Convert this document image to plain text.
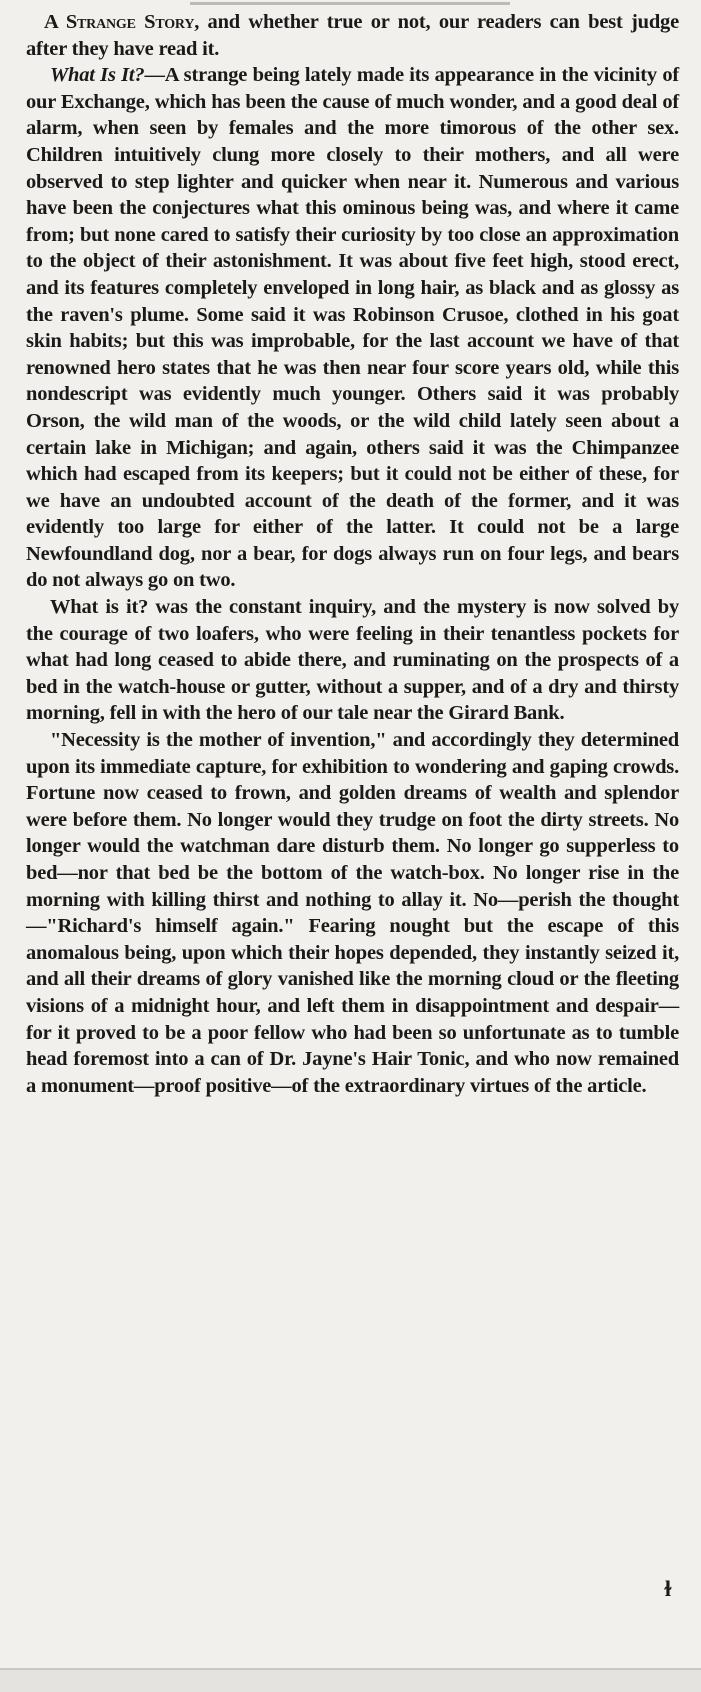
A Strange Story, and whether true or not, our readers can best judge after they have read it.

What Is It?—A strange being lately made its appearance in the vicinity of our Exchange, which has been the cause of much wonder, and a good deal of alarm, when seen by females and the more timorous of the other sex. Children intuitively clung more closely to their mothers, and all were observed to step lighter and quicker when near it. Numerous and various have been the conjectures what this ominous being was, and where it came from; but none cared to satisfy their curiosity by too close an approximation to the object of their astonishment. It was about five feet high, stood erect, and its features completely enveloped in long hair, as black and as glossy as the raven's plume. Some said it was Robinson Crusoe, clothed in his goat skin habits; but this was improbable, for the last account we have of that renowned hero states that he was then near four score years old, while this nondescript was evidently much younger. Others said it was probably Orson, the wild man of the woods, or the wild child lately seen about a certain lake in Michigan; and again, others said it was the Chimpanzee which had escaped from its keepers; but it could not be either of these, for we have an undoubted account of the death of the former, and it was evidently too large for either of the latter. It could not be a large Newfoundland dog, nor a bear, for dogs always run on four legs, and bears do not always go on two.

What is it? was the constant inquiry, and the mystery is now solved by the courage of two loafers, who were feeling in their tenantless pockets for what had long ceased to abide there, and ruminating on the prospects of a bed in the watch-house or gutter, without a supper, and of a dry and thirsty morning, fell in with the hero of our tale near the Girard Bank.

"Necessity is the mother of invention," and accordingly they determined upon its immediate capture, for exhibition to wondering and gaping crowds. Fortune now ceased to frown, and golden dreams of wealth and splendor were before them. No longer would they trudge on foot the dirty streets. No longer would the watchman dare disturb them. No longer go supperless to bed—nor that bed be the bottom of the watch-box. No longer rise in the morning with killing thirst and nothing to allay it. No—perish the thought—"Richard's himself again." Fearing nought but the escape of this anomalous being, upon which their hopes depended, they instantly seized it, and all their dreams of glory vanished like the morning cloud or the fleeting visions of a midnight hour, and left them in disappointment and despair—for it proved to be a poor fellow who had been so unfortunate as to tumble head foremost into a can of Dr. Jayne's Hair Tonic, and who now remained a monument—proof positive—of the extraordinary virtues of the article.

ɫ
